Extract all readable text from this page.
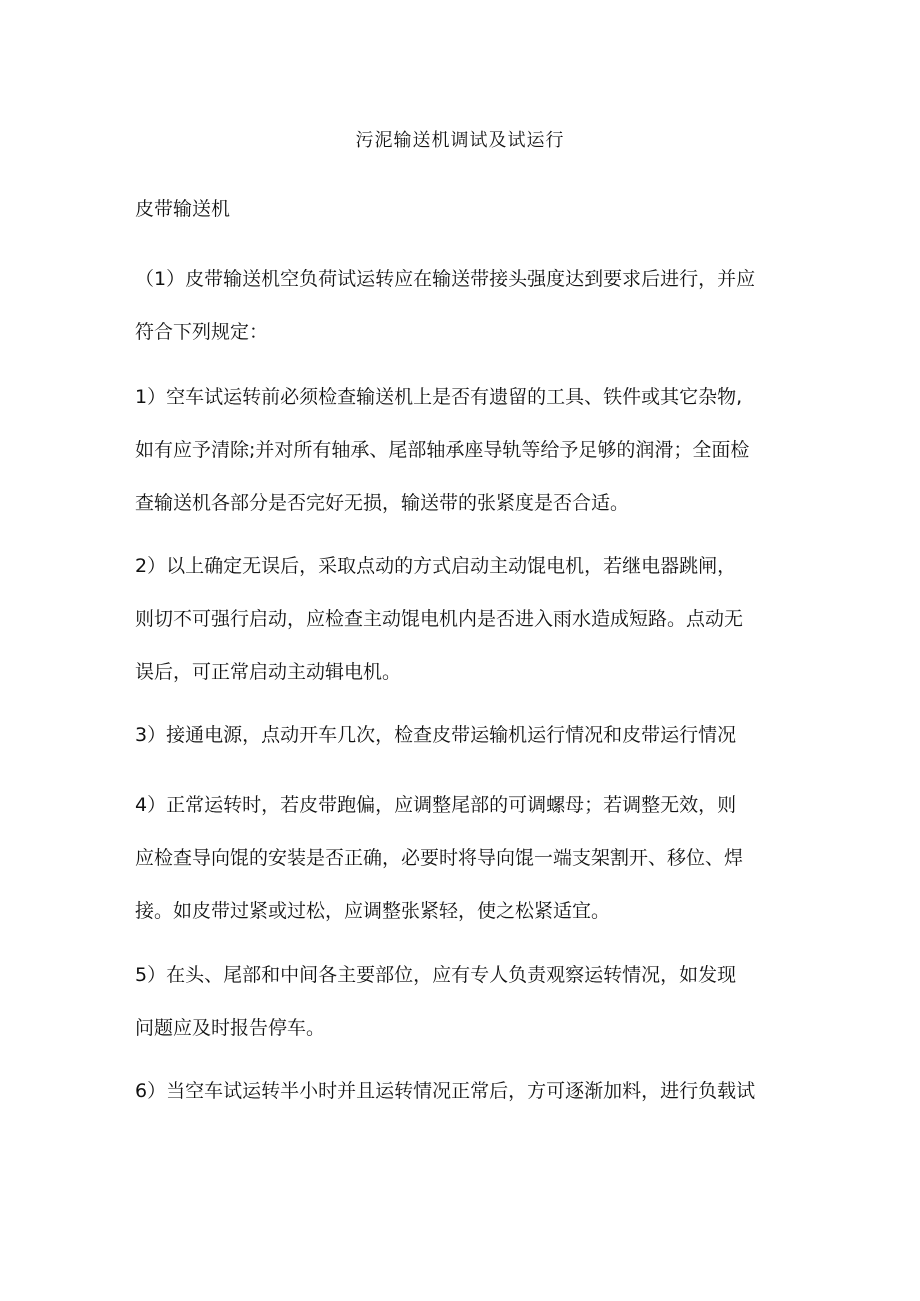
污泥输送机调试及试运行
皮带输送机
（1）皮带输送机空负荷试运转应在输送带接头强度达到要求后进行，并应
符合下列规定：
1）空车试运转前必须检查输送机上是否有遗留的工具、铁件或其它杂物,
如有应予清除;并对所有轴承、尾部轴承座导轨等给予足够的润滑；全面检
查输送机各部分是否完好无损，输送带的张紧度是否合适。
2）以上确定无误后，采取点动的方式启动主动馄电机，若继电器跳闸，
则切不可强行启动，应检查主动馄电机内是否进入雨水造成短路。点动无
误后，可正常启动主动辑电机。
3）接通电源，点动开车几次，检查皮带运输机运行情况和皮带运行情况
4）正常运转时，若皮带跑偏，应调整尾部的可调螺母；若调整无效，则
应检查导向馄的安装是否正确，必要时将导向馄一端支架割开、移位、焊
接。如皮带过紧或过松，应调整张紧轻，使之松紧适宜。
5）在头、尾部和中间各主要部位，应有专人负责观察运转情况，如发现
问题应及时报告停车。
6）当空车试运转半小时并且运转情况正常后，方可逐渐加料，进行负载试
